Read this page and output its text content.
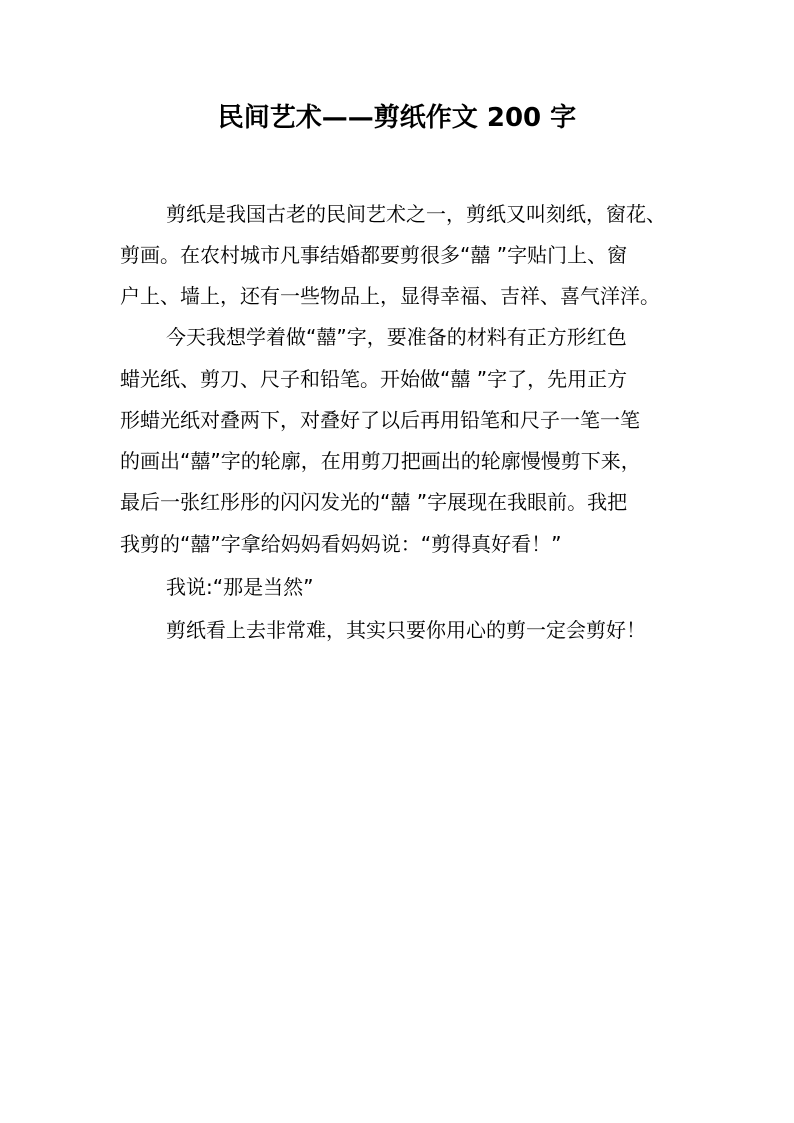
民间艺术——剪纸作文 200 字
剪纸是我国古老的民间艺术之一，剪纸又叫刻纸，窗花、
剪画。在农村城市凡事结婚都要剪很多“囍 ”字贴门上、窗
户上、墙上，还有一些物品上，显得幸福、吉祥、喜气洋洋。
今天我想学着做“囍”字，要准备的材料有正方形红色
蜡光纸、剪刀、尺子和铅笔。开始做“囍 ”字了，先用正方
形蜡光纸对叠两下，对叠好了以后再用铅笔和尺子一笔一笔
的画出“囍”字的轮廓，在用剪刀把画出的轮廓慢慢剪下来，
最后一张红彤彤的闪闪发光的“囍 ”字展现在我眼前。我把
我剪的“囍”字拿给妈妈看妈妈说：“剪得真好看！”
我说:“那是当然”
剪纸看上去非常难，其实只要你用心的剪一定会剪好！
